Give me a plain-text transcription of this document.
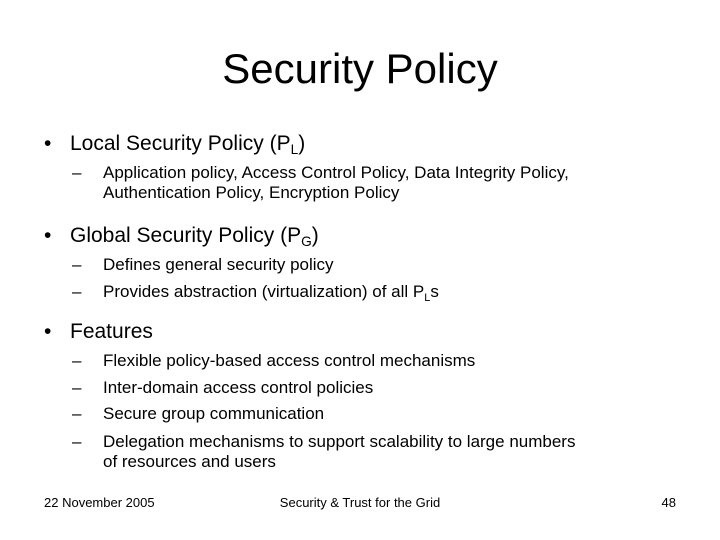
Security Policy
• Local Security Policy $(P_L)$
– Application policy, Access Control Policy, Data Integrity Policy,
Authentication Policy, Encryption Policy
• Global Security Policy $(P_G)$
– Defines general security policy
– Provides abstraction (virtualization) of all $P_Ls$
• Features
– Flexible policy-based access control mechanisms
– Inter-domain access control policies
– Secure group communication
– Delegation mechanisms to support scalability to large numbers
of resources and users
22 November 2005	Security & Trust for the Grid	48
